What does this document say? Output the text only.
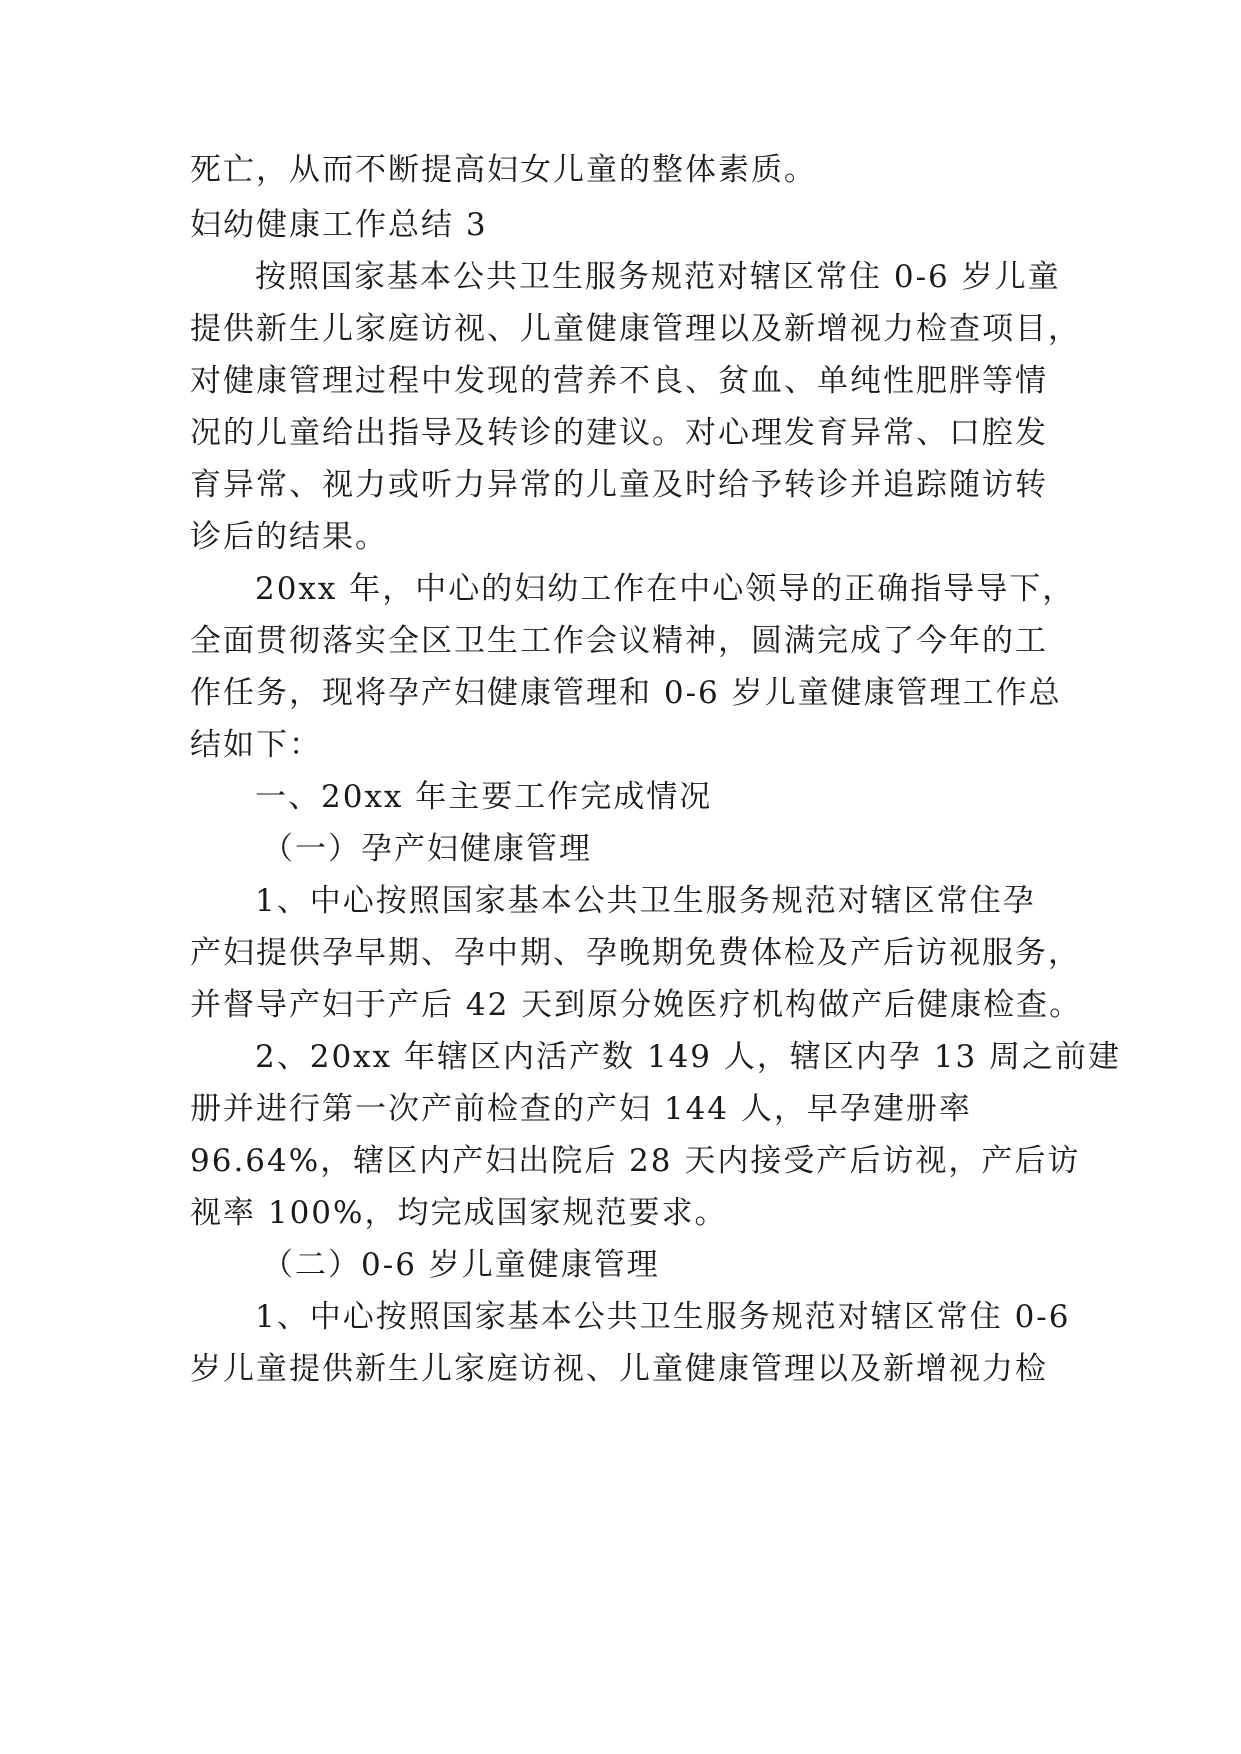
死亡，从而不断提高妇女儿童的整体素质。
妇幼健康工作总结 3
按照国家基本公共卫生服务规范对辖区常住 0-6 岁儿童
提供新生儿家庭访视、儿童健康管理以及新增视力检查项目，
对健康管理过程中发现的营养不良、贫血、单纯性肥胖等情
况的儿童给出指导及转诊的建议。对心理发育异常、口腔发
育异常、视力或听力异常的儿童及时给予转诊并追踪随访转
诊后的结果。
20xx 年，中心的妇幼工作在中心领导的正确指导导下，
全面贯彻落实全区卫生工作会议精神，圆满完成了今年的工
作任务，现将孕产妇健康管理和 0-6 岁儿童健康管理工作总
结如下：
一、20xx 年主要工作完成情况
（一）孕产妇健康管理
1、中心按照国家基本公共卫生服务规范对辖区常住孕
产妇提供孕早期、孕中期、孕晚期免费体检及产后访视服务，
并督导产妇于产后 42 天到原分娩医疗机构做产后健康检查。
2、20xx 年辖区内活产数 149 人，辖区内孕 13 周之前建
册并进行第一次产前检查的产妇 144 人，早孕建册率
96.64%，辖区内产妇出院后 28 天内接受产后访视，产后访
视率 100%，均完成国家规范要求。
（二）0-6 岁儿童健康管理
1、中心按照国家基本公共卫生服务规范对辖区常住 0-6
岁儿童提供新生儿家庭访视、儿童健康管理以及新增视力检
